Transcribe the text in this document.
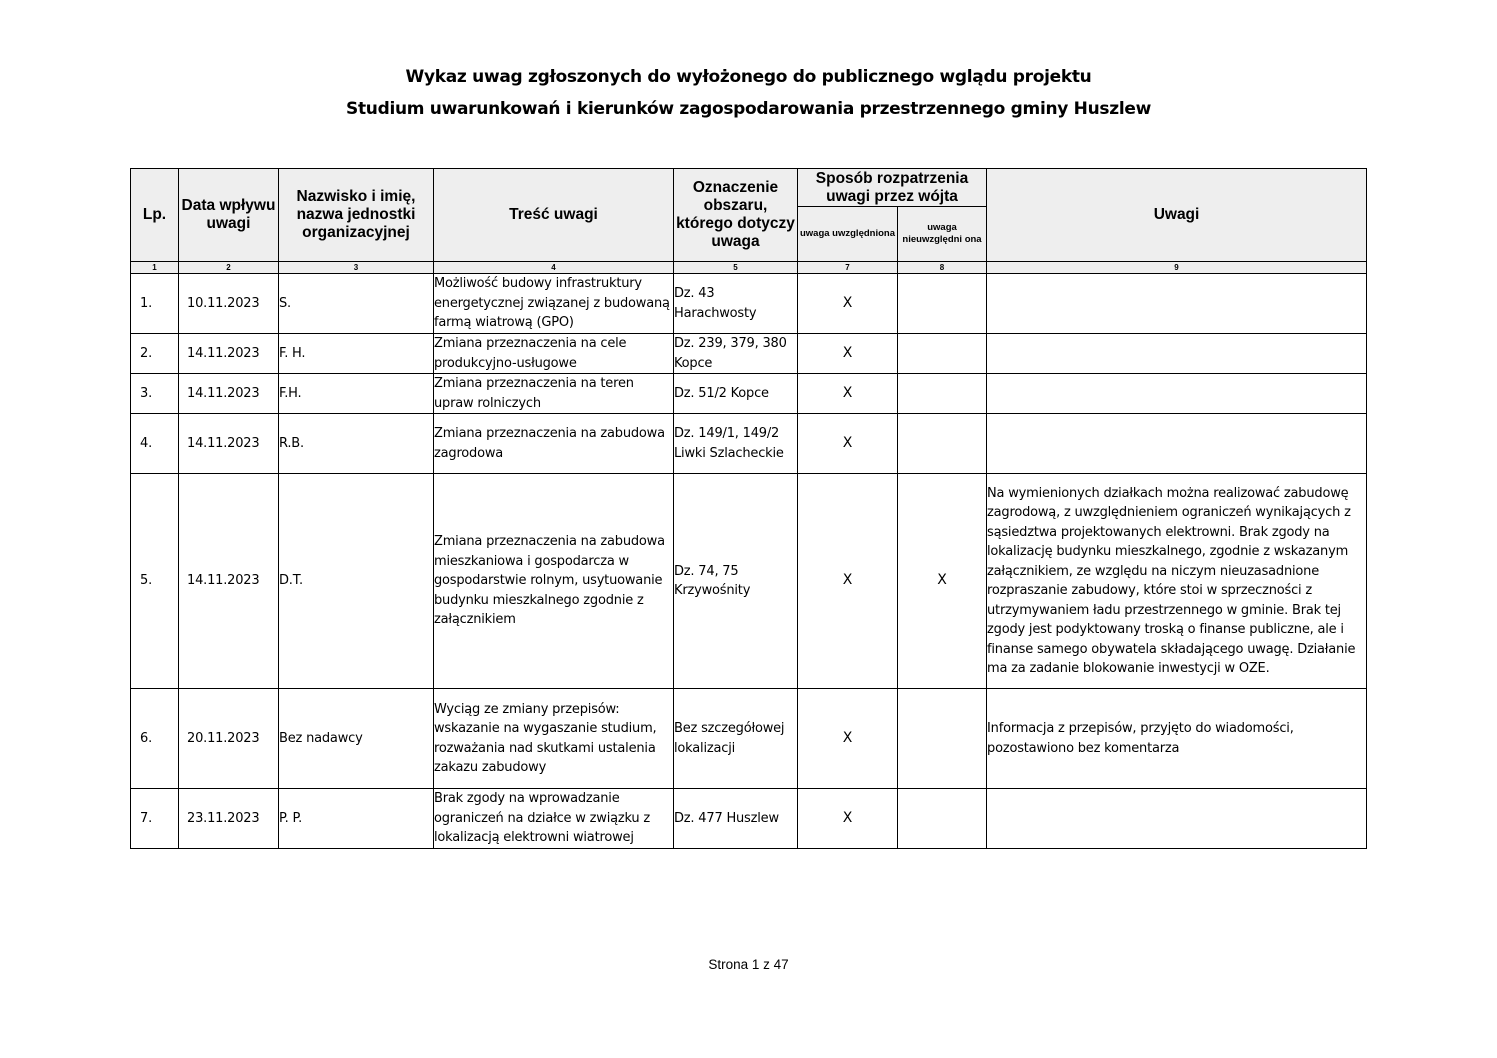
Wykaz uwag zgłoszonych do wyłożonego do publicznego wglądu projektu
Studium uwarunkowań i kierunków zagospodarowania przestrzennego gminy Huszlew
Lp.	Data wpływu uwagi	Nazwisko i imię, nazwa jednostki organizacyjnej	Treść uwagi	Oznaczenie obszaru, którego dotyczy uwaga	Sposób rozpatrzenia uwagi przez wójta		Uwagi
					uwaga uwzględniona	uwaga nieuwzględni ona	
1	2	3	4	5	7	8	9
1.	10.11.2023	S.	Możliwość budowy infrastruktury energetycznej związanej z budowaną farmą wiatrową (GPO)	Dz. 43 Harachwosty	X		
2.	14.11.2023	F. H.	Zmiana przeznaczenia na cele produkcyjno-usługowe	Dz. 239, 379, 380 Kopce	X		
3.	14.11.2023	F.H.	Zmiana przeznaczenia na teren upraw rolniczych	Dz. 51/2 Kopce	X		
4.	14.11.2023	R.B.	Zmiana przeznaczenia na zabudowa zagrodowa	Dz. 149/1, 149/2 Liwki Szlacheckie	X		
5.	14.11.2023	D.T.	Zmiana przeznaczenia na zabudowa mieszkaniowa i gospodarcza w gospodarstwie rolnym, usytuowanie budynku mieszkalnego zgodnie z załącznikiem	Dz. 74, 75 Krzywośnity	X	X	Na wymienionych działkach można realizować zabudowę zagrodową, z uwzględnieniem ograniczeń wynikających z sąsiedztwa projektowanych elektrowni. Brak zgody na lokalizację budynku mieszkalnego, zgodnie z wskazanym załącznikiem, ze względu na niczym nieuzasadnione rozpraszanie zabudowy, które stoi w sprzeczności z utrzymywaniem ładu przestrzennego w gminie. Brak tej zgody jest podyktowany troską o finanse publiczne, ale i finanse samego obywatela składającego uwagę. Działanie ma za zadanie blokowanie inwestycji w OZE.
6.	20.11.2023	Bez nadawcy	Wyciąg ze zmiany przepisów: wskazanie na wygaszanie studium, rozważania nad skutkami ustalenia zakazu zabudowy	Bez szczegółowej lokalizacji	X		Informacja z przepisów, przyjęto do wiadomości, pozostawiono bez komentarza
7.	23.11.2023	P. P.	Brak zgody na wprowadzanie ograniczeń na działce w związku z lokalizacją elektrowni wiatrowej	Dz. 477 Huszlew	X		
Strona 1 z 47
